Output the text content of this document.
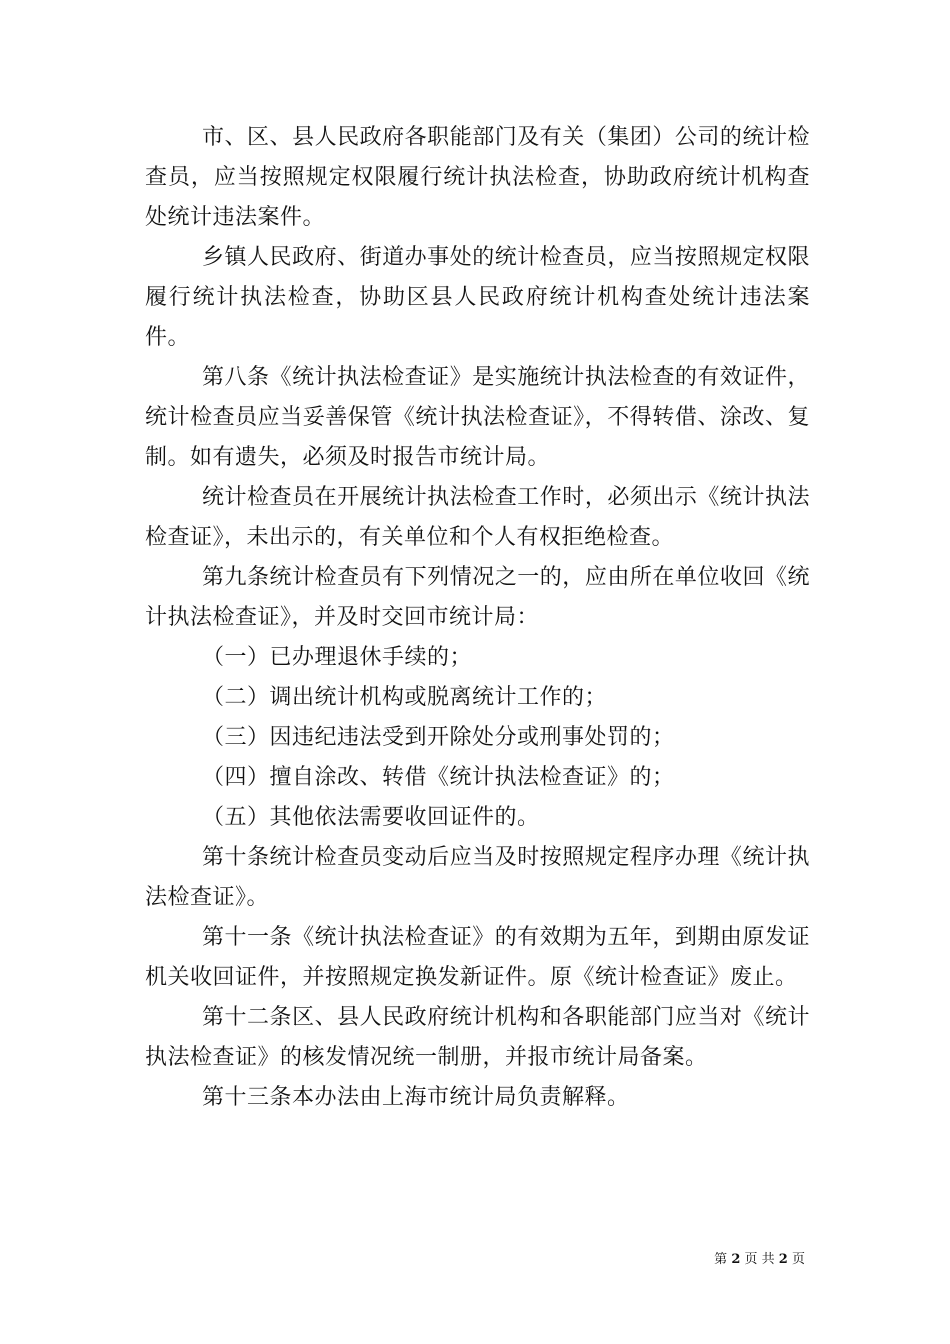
市、区、县人民政府各职能部门及有关（集团）公司的统计检查员，应当按照规定权限履行统计执法检查，协助政府统计机构查处统计违法案件。

乡镇人民政府、街道办事处的统计检查员，应当按照规定权限履行统计执法检查，协助区县人民政府统计机构查处统计违法案件。

第八条《统计执法检查证》是实施统计执法检查的有效证件，统计检查员应当妥善保管《统计执法检查证》，不得转借、涂改、复制。如有遗失，必须及时报告市统计局。

统计检查员在开展统计执法检查工作时，必须出示《统计执法检查证》，未出示的，有关单位和个人有权拒绝检查。

第九条统计检查员有下列情况之一的，应由所在单位收回《统计执法检查证》，并及时交回市统计局：

（一）已办理退休手续的；

（二）调出统计机构或脱离统计工作的；

（三）因违纪违法受到开除处分或刑事处罚的；

（四）擅自涂改、转借《统计执法检查证》的；

（五）其他依法需要收回证件的。

第十条统计检查员变动后应当及时按照规定程序办理《统计执法检查证》。

第十一条《统计执法检查证》的有效期为五年，到期由原发证机关收回证件，并按照规定换发新证件。原《统计检查证》废止。

第十二条区、县人民政府统计机构和各职能部门应当对《统计执法检查证》的核发情况统一制册，并报市统计局备案。

第十三条本办法由上海市统计局负责解释。

第 2 页 共 2 页
